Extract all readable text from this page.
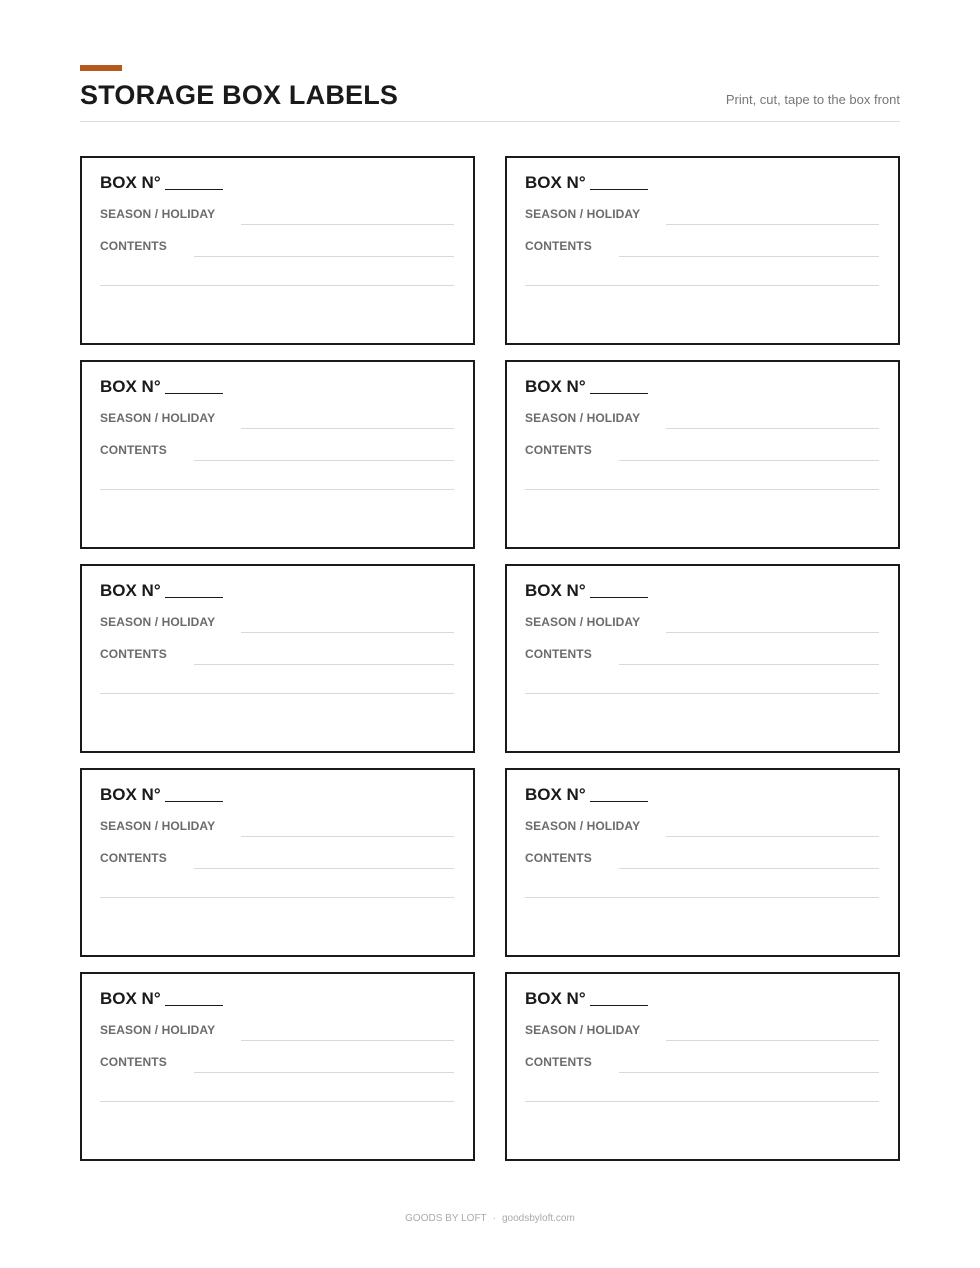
STORAGE BOX LABELS	Print, cut, tape to the box front
BOX N°
SEASON / HOLIDAY
CONTENTS
BOX N°
SEASON / HOLIDAY
CONTENTS
BOX N°
SEASON / HOLIDAY
CONTENTS
BOX N°
SEASON / HOLIDAY
CONTENTS
BOX N°
SEASON / HOLIDAY
CONTENTS
BOX N°
SEASON / HOLIDAY
CONTENTS
BOX N°
SEASON / HOLIDAY
CONTENTS
BOX N°
SEASON / HOLIDAY
CONTENTS
BOX N°
SEASON / HOLIDAY
CONTENTS
BOX N°
SEASON / HOLIDAY
CONTENTS
GOODS BY LOFT · goodsbyloft.com
